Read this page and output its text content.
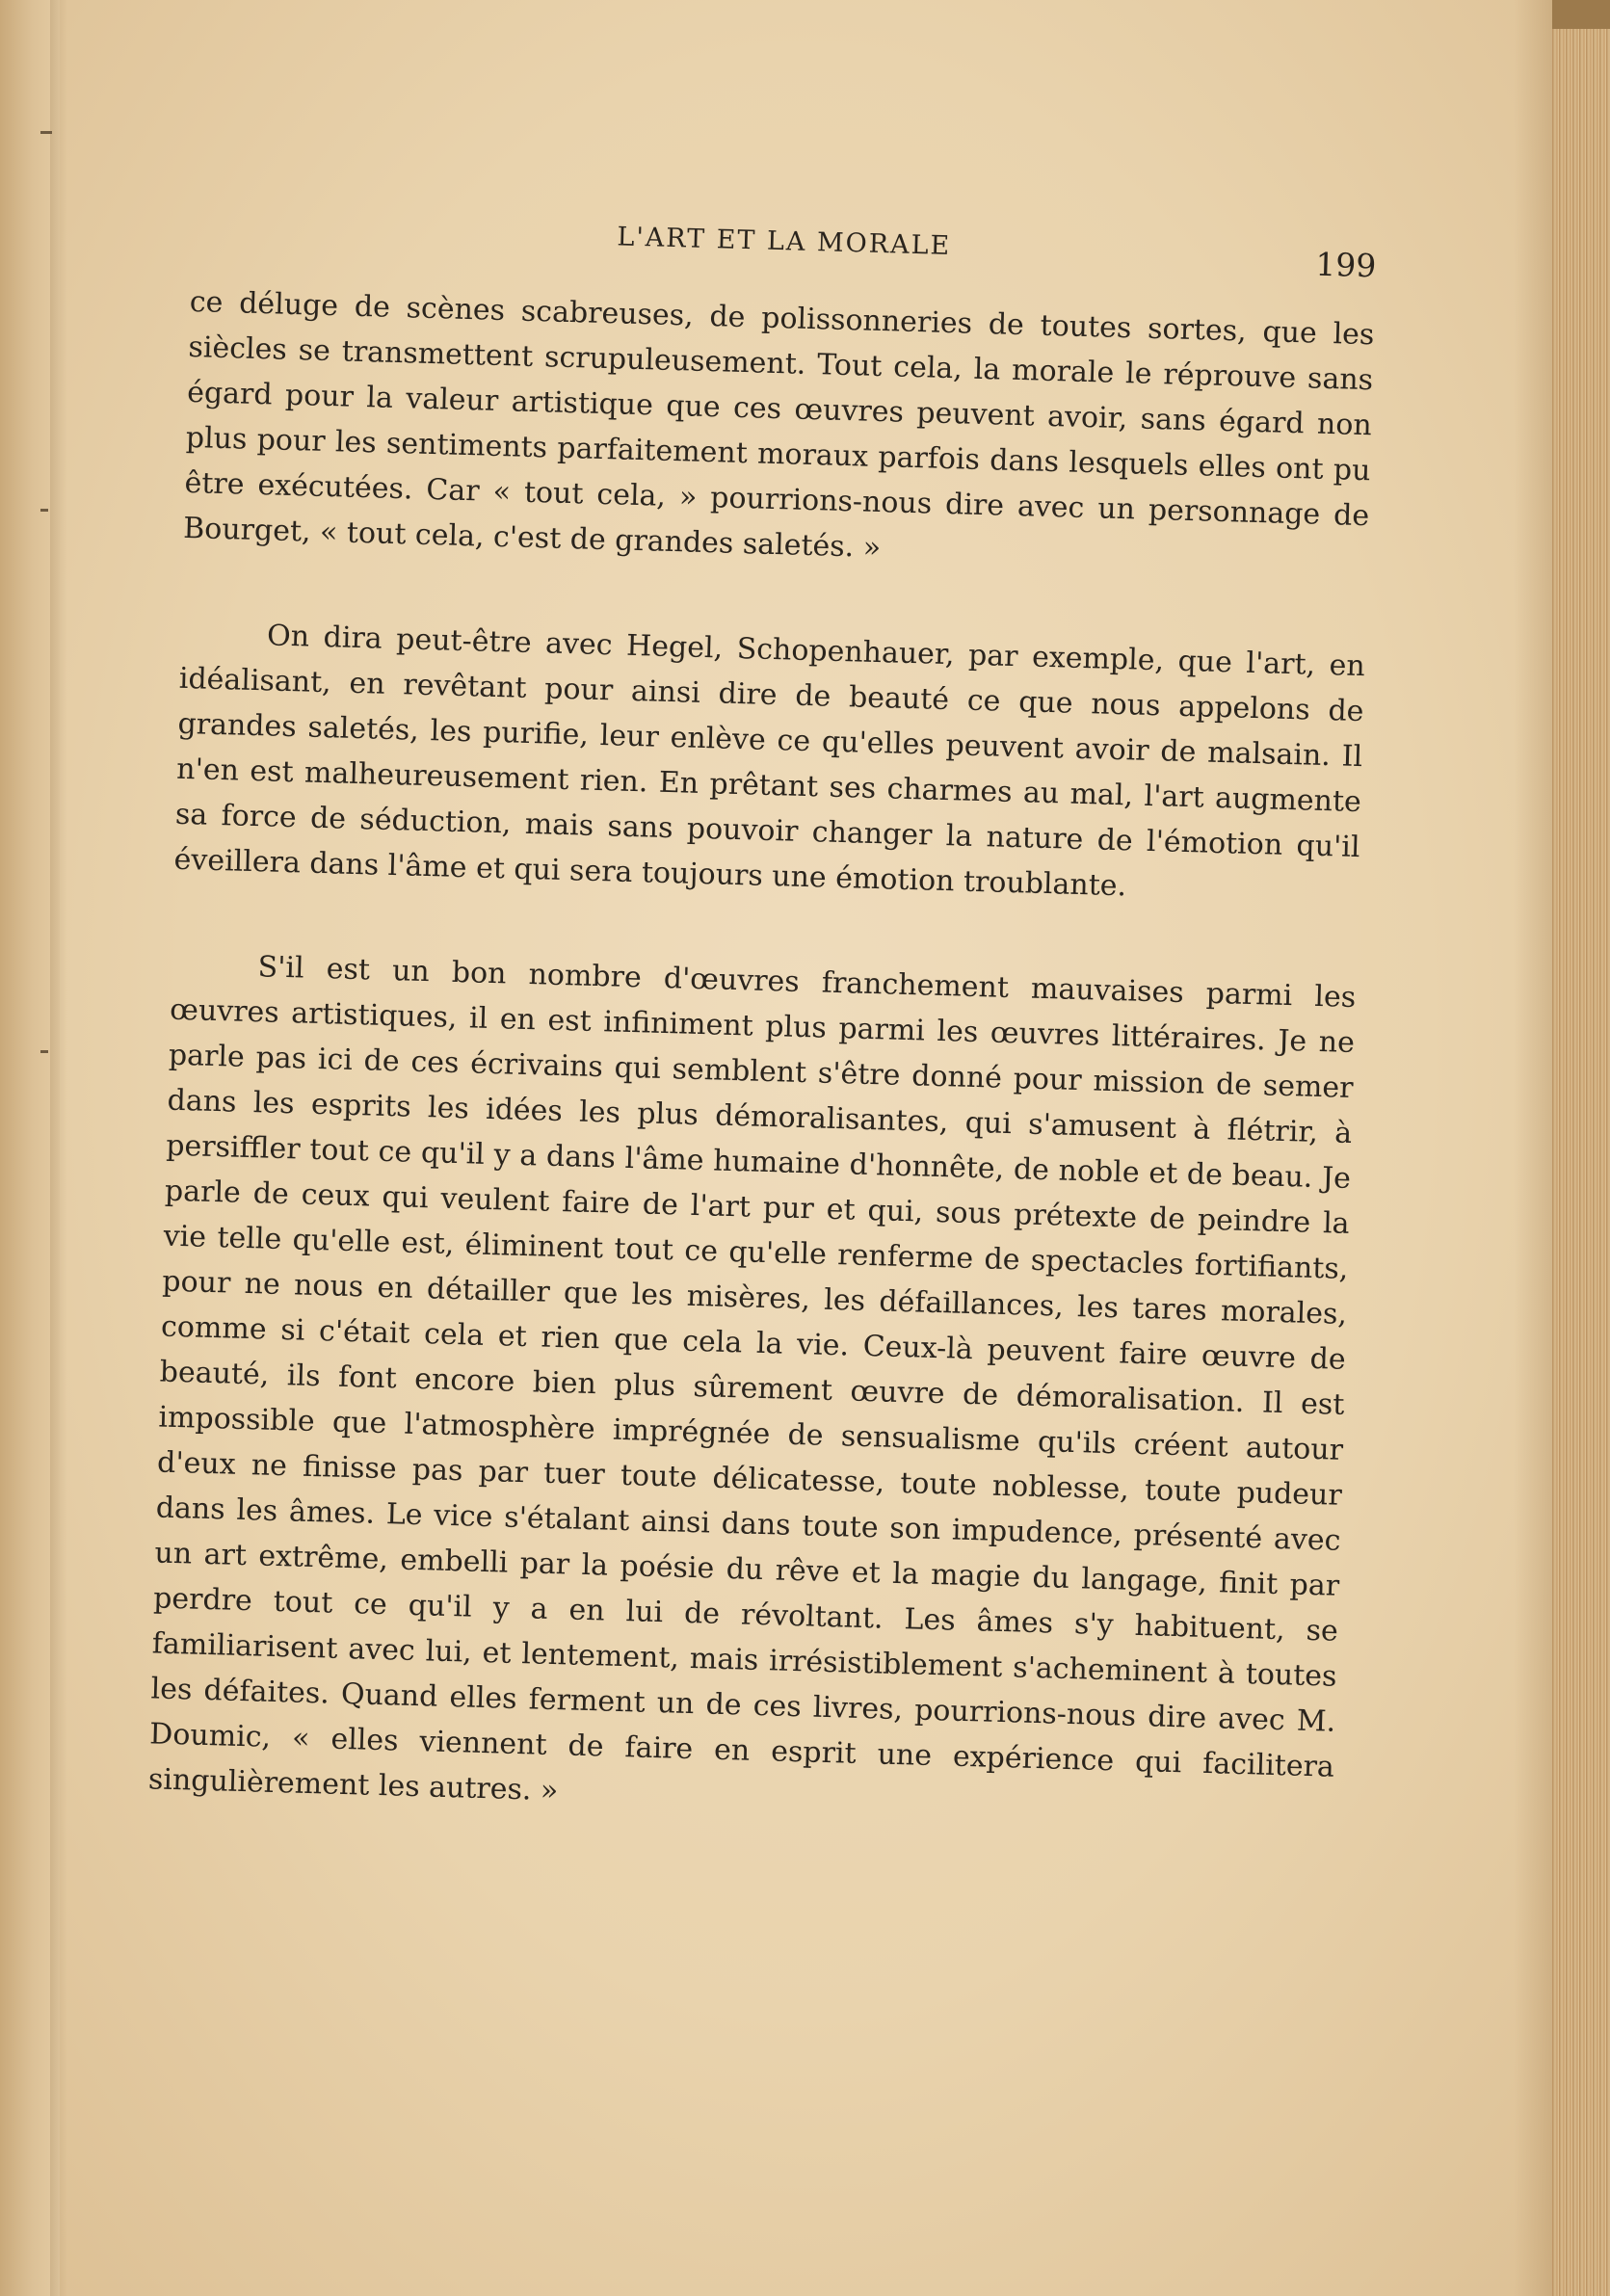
L'ART ET LA MORALE
199

ce déluge de scènes scabreuses, de polissonneries de toutes sortes, que les siècles se transmettent scrupuleusement. Tout cela, la morale le réprouve sans égard pour la valeur artistique que ces œuvres peuvent avoir, sans égard non plus pour les sentiments parfaitement moraux parfois dans lesquels elles ont pu être exécutées. Car « tout cela, » pourrions-nous dire avec un personnage de Bourget, « tout cela, c'est de grandes saletés. »

On dira peut-être avec Hegel, Schopenhauer, par exemple, que l'art, en idéalisant, en revêtant pour ainsi dire de beauté ce que nous appelons de grandes saletés, les purifie, leur enlève ce qu'elles peuvent avoir de malsain. Il n'en est malheureusement rien. En prêtant ses charmes au mal, l'art augmente sa force de séduction, mais sans pouvoir changer la nature de l'émotion qu'il éveillera dans l'âme et qui sera toujours une émotion troublante.

S'il est un bon nombre d'œuvres franchement mauvaises parmi les œuvres artistiques, il en est infiniment plus parmi les œuvres littéraires. Je ne parle pas ici de ces écrivains qui semblent s'être donné pour mission de semer dans les esprits les idées les plus démoralisantes, qui s'amusent à flétrir, à persiffler tout ce qu'il y a dans l'âme humaine d'honnête, de noble et de beau. Je parle de ceux qui veulent faire de l'art pur et qui, sous prétexte de peindre la vie telle qu'elle est, éliminent tout ce qu'elle renferme de spectacles fortifiants, pour ne nous en détailler que les misères, les défaillances, les tares morales, comme si c'était cela et rien que cela la vie. Ceux-là peuvent faire œuvre de beauté, ils font encore bien plus sûrement œuvre de démoralisation. Il est impossible que l'atmosphère imprégnée de sensualisme qu'ils créent autour d'eux ne finisse pas par tuer toute délicatesse, toute noblesse, toute pudeur dans les âmes. Le vice s'étalant ainsi dans toute son impudence, présenté avec un art extrême, embelli par la poésie du rêve et la magie du langage, finit par perdre tout ce qu'il y a en lui de révoltant. Les âmes s'y habituent, se familiarisent avec lui, et lentement, mais irrésistiblement s'acheminent à toutes les défaites. Quand elles ferment un de ces livres, pourrions-nous dire avec M. Doumic, « elles viennent de faire en esprit une expérience qui facilitera singulièrement les autres. »
